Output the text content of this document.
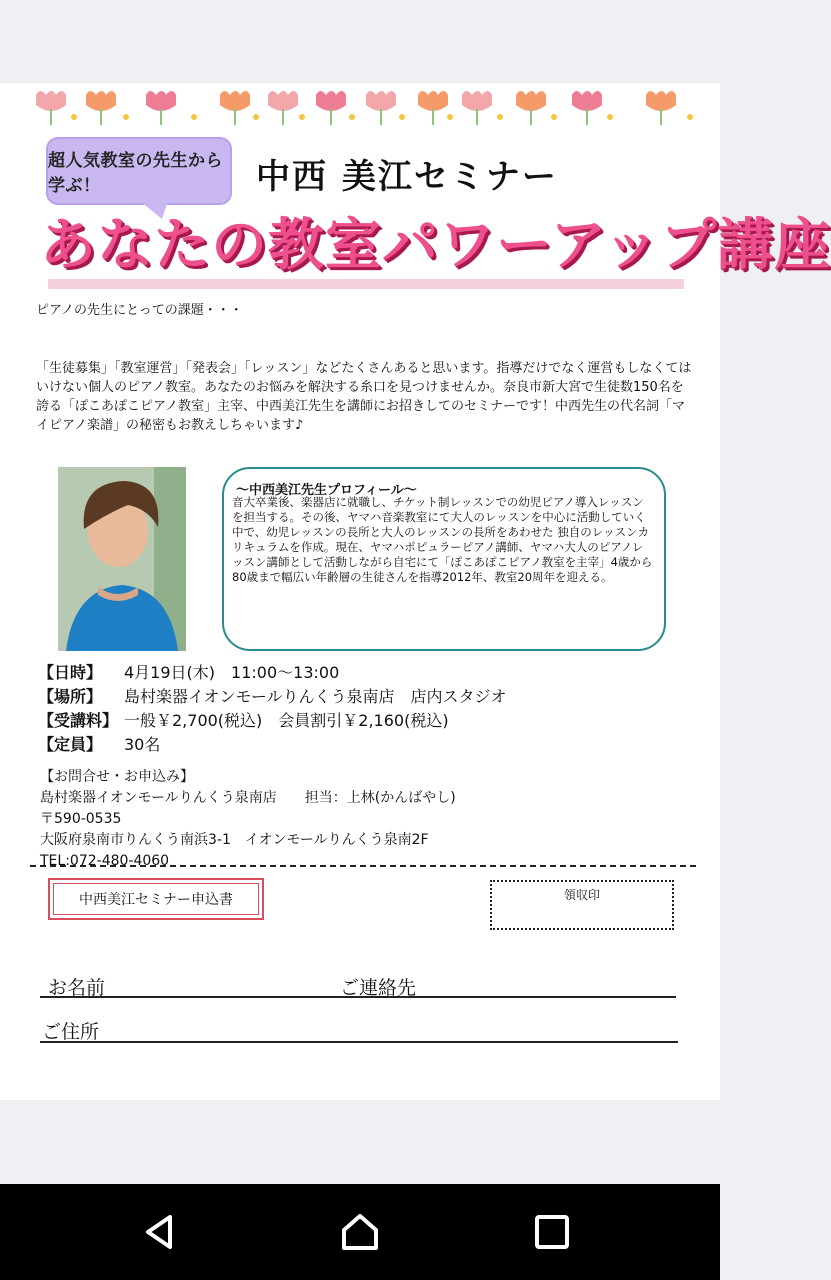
超人気教室の先生から学ぶ！	中西 美江セミナー
あなたの教室パワーアップ講座
ピアノの先生にとっての課題・・・

「生徒募集」「教室運営」「発表会」「レッスン」などたくさんあると思います。指導だけでなく運営もしなくてはいけない個人のピアノ教室。あなたのお悩みを解決する糸口を見つけませんか。奈良市新大宮で生徒数150名を誇る「ぽこあぽこピアノ教室」主宰、中西美江先生を講師にお招きしてのセミナーです！中西先生の代名詞「マイピアノ楽譜」の秘密もお教えしちゃいます♪

～中西美江先生プロフィール～

音大卒業後、楽器店に就職し、チケット制レッスンでの幼児ピアノ導入レッスンを担当する。その後、ヤマハ音楽教室にて大人のレッスンを中心に活動していく中で、幼児レッスンの長所と大人のレッスンの長所をあわせた 独自のレッスンカリキュラムを作成。現在、ヤマハポピュラーピアノ講師、ヤマハ大人のピアノレッスン講師として活動しながら自宅にて「ぽこあぽこピアノ教室を主宰」4歳から80歳まで幅広い年齢層の生徒さんを指導2012年、教室20周年を迎える。

【日時】 4月19日(木)　11:00〜13:00
【場所】 島村楽器イオンモールりんくう泉南店　店内スタジオ
【受講料】 一般￥2,700(税込)　会員割引￥2,160(税込)
【定員】 30名
【お問合せ・お申込み】
島村楽器イオンモールりんくう泉南店　　担当：上林(かんばやし)
〒590-0535
大阪府泉南市りんくう南浜3-1　イオンモールりんくう泉南2F
TEL:072-480-4060
中西美江セミナー申込書	領収印
お名前	ご連絡先
ご住所
